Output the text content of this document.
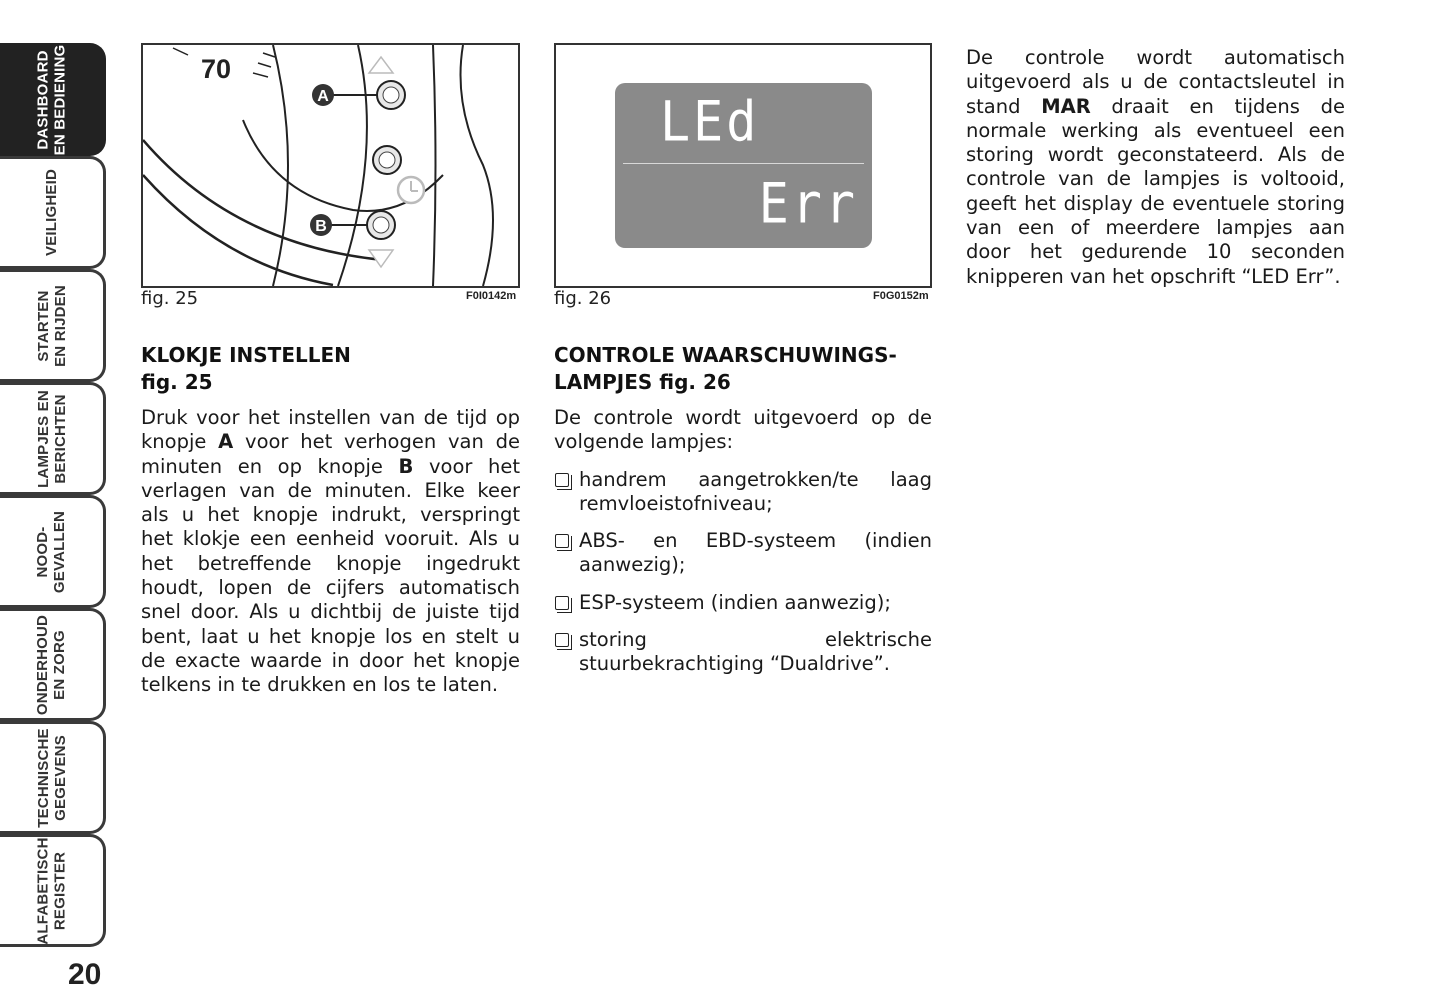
DASHBOARD EN BEDIENING
VEILIGHEID
STARTEN EN RIJDEN
LAMPJES EN BERICHTEN
NOOD- GEVALLEN
ONDERHOUD EN ZORG
TECHNISCHE GEGEVENS
ALFABETISCH REGISTER
20
A
B
70
fig. 25	F0I0142m
LEd
Err
fig. 26	F0G0152m
KLOKJE INSTELLEN
fig. 25

Druk voor het instellen van de tijd op knopje A voor het verhogen van de minuten en op knopje B voor het verlagen van de minuten. Elke keer als u het knopje indrukt, verspringt het klokje een eenheid vooruit. Als u het betreffende knopje ingedrukt houdt, lopen de cijfers automatisch snel door. Als u dichtbij de juiste tijd bent, laat u het knopje los en stelt u de exacte waarde in door het knopje telkens in te drukken en los te laten.

CONTROLE WAARSCHUWINGS-
LAMPJES fig. 26

De controle wordt uitgevoerd op de volgende lampjes:

handrem aangetrokken/te laag remvloeistofniveau;
ABS- en EBD-systeem (indien aanwezig);
ESP-systeem (indien aanwezig);
storing elektrische stuurbekrachtiging “Dualdrive”.

De controle wordt automatisch uitgevoerd als u de contactsleutel in stand MAR draait en tijdens de normale werking als eventueel een storing wordt geconstateerd. Als de controle van de lampjes is voltooid, geeft het display de eventuele storing van een of meerdere lampjes aan door het gedurende 10 seconden knipperen van het opschrift “LED Err”.
